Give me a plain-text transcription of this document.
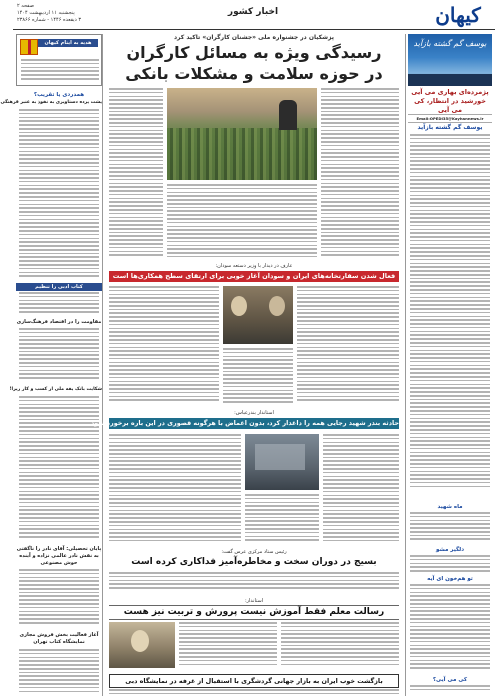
صفحه ۲
پنجشنبه ۱۱ اردیبهشت ۱۴۰۴
۳ ذیقعده ۱۴۴۶ - شماره ۲۳۸۶۶
اخبار کشور	کیهان
یوسف گم گشته بازآید
پژمرده‌ای بهاری می آیی خورشید در انتظار، کی می آیی
Email:OPEDI35@Kayhannews.ir
یوسف گم گشته بازآید
ماه شهید
دلگیر مشو
تو هم‌خون ای آیه
کی می آیی؟
هدیه به ایتام کیهان
همدردی یا تقریب؟
پشت پرده دستاویزی به نقوذ به عنبر فرهنگی
کتاب ادبی را تنظیم
مقاومت را در اقتصاد فرهنگ‌سازی
شکایت بانک یقه ملی از کسب و کار زیرا!
پایان تحصیلی: آقای نادر را ناگفتی به نقش نادر عالمی نزاده و آینده حوش مصنوعی
آغاز فعالیت بخش فروش مجازی نمایشگاه کتاب تهران
پزشکیان در جشنواره ملی «جشنان کارگران» تاکید کرد
رسیدگی ویژه به مسائل کارگران
در حوزه سلامت و مشکلات بانکی
عارف در دیدار با وزیر دستعه سودان:
فعال شدن سفارتخانه‌های ایران و سودان آغاز خوبی برای ارتقای سطح همکاری‌ها است
استاندار بندرعباس:
حادثه بندر شهید رجایی همه را داغدار کرد، بدون اغماض با هرگونه قصوری در این باره برخورد شود
رئیس ستاد مرکزی عرس گفت:
بسیج در دوران سخت و مخاطره‌آمیز فداکاری کرده است
استاندار:
رسالت معلم فقط آموزش نیست پرورش و تربیت نیز هست
بازگشت خوب ایران به بازار جهانی گردشگری با استقبال از غرفه در نمایشگاه دبی
